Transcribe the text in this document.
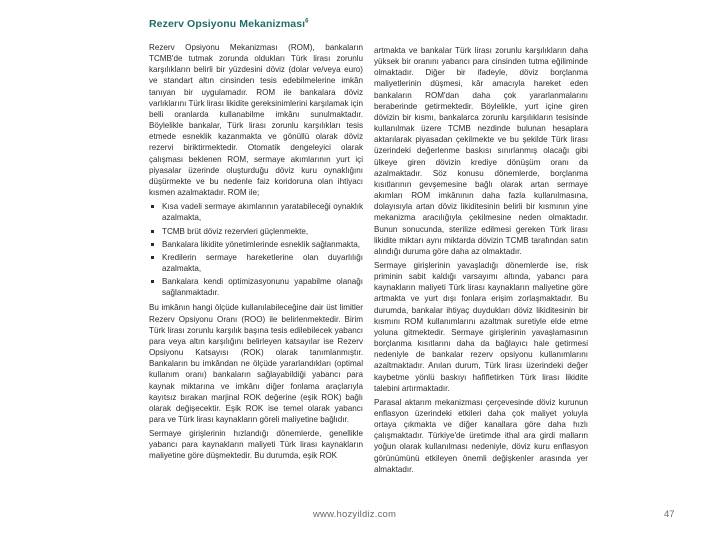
Rezerv Opsiyonu Mekanizması$^6$

Rezerv Opsiyonu Mekanizması (ROM), bankaların TCMB'de tutmak zorunda oldukları Türk lirası zorunlu karşılıkların belirli bir yüzdesini döviz (dolar ve/veya euro) ve standart altın cinsinden tesis edebilmelerine imkân tanıyan bir uygulamadır. ROM ile bankalara döviz varlıklarını Türk lirası likidite gereksinimlerini karşılamak için belli oranlarda kullanabilme imkânı sunulmaktadır. Böylelikle bankalar, Türk lirası zorunlu karşılıkları tesis etmede esneklik kazanmakta ve gönüllü olarak döviz rezervi biriktirmektedir. Otomatik dengeleyici olarak çalışması beklenen ROM, sermaye akımlarının yurt içi piyasalar üzerinde oluşturduğu döviz kuru oynaklığını düşürmekte ve bu nedenle faiz koridoruna olan ihtiyacı kısmen azalmaktadır. ROM ile;

Kısa vadeli sermaye akımlarının yaratabileceği oynaklık azalmakta,
TCMB brüt döviz rezervleri güçlenmekte,
Bankalara likidite yönetimlerinde esneklik sağlanmakta,
Kredilerin sermaye hareketlerine olan duyarlılığı azalmakta,
Bankalara kendi optimizasyonunu yapabilme olanağı sağlanmaktadır.

Bu imkânın hangi ölçüde kullanılabileceğine dair üst limitler Rezerv Opsiyonu Oranı (ROO) ile belirlenmektedir. Birim Türk lirası zorunlu karşılık başına tesis edilebilecek yabancı para veya altın karşılığını belirleyen katsayılar ise Rezerv Opsiyonu Katsayısı (ROK) olarak tanımlanmıştır. Bankaların bu imkândan ne ölçüde yararlandıkları (optimal kullanım oranı) bankaların sağlayabildiği yabancı para kaynak miktarına ve imkânı diğer fonlama araçlarıyla kayıtsız bırakan marjinal ROK değerine (eşik ROK) bağlı olarak değişecektir. Eşik ROK ise temel olarak yabancı para ve Türk lirası kaynakların göreli maliyetine bağlıdır.

Sermaye girişlerinin hızlandığı dönemlerde, genellikle yabancı para kaynakların maliyeti Türk lirası kaynakların maliyetine göre düşmektedir. Bu durumda, eşik ROK

artmakta ve bankalar Türk lirası zorunlu karşılıkların daha yüksek bir oranını yabancı para cinsinden tutma eğiliminde olmaktadır. Diğer bir ifadeyle, döviz borçlanma maliyetlerinin düşmesi, kâr amacıyla hareket eden bankaların ROM'dan daha çok yararlanmalarını beraberinde getirmektedir. Böylelikle, yurt içine giren dövizin bir kısmı, bankalarca zorunlu karşılıkların tesisinde kullanılmak üzere TCMB nezdinde bulunan hesaplara aktarılarak piyasadan çekilmekte ve bu şekilde Türk lirası üzerindeki değerlenme baskısı sınırlanmış olacağı gibi ülkeye giren dövizin krediye dönüşüm oranı da azalmaktadır. Söz konusu dönemlerde, borçlanma kısıtlarının gevşemesine bağlı olarak artan sermaye akımları ROM imkânının daha fazla kullanılmasına, dolayısıyla artan döviz likiditesinin belirli bir kısmının yine mekanizma aracılığıyla çekilmesine neden olmaktadır. Bunun sonucunda, sterilize edilmesi gereken Türk lirası likidite miktarı aynı miktarda dövizin TCMB tarafından satın alındığı duruma göre daha az olmaktadır.

Sermaye girişlerinin yavaşladığı dönemlerde ise, risk priminin sabit kaldığı varsayımı altında, yabancı para kaynakların maliyeti Türk lirası kaynakların maliyetine göre artmakta ve yurt dışı fonlara erişim zorlaşmaktadır. Bu durumda, bankalar ihtiyaç duydukları döviz likiditesinin bir kısmını ROM kullanımlarını azaltmak suretiyle elde etme yoluna gitmektedir. Sermaye girişlerinin yavaşlamasının borçlanma kısıtlarını daha da bağlayıcı hale getirmesi nedeniyle de bankalar rezerv opsiyonu kullanımlarını azaltmaktadır. Anılan durum, Türk lirası üzerindeki değer kaybetme yönlü baskıyı hafifletirken Türk lirası likidite talebini artırmaktadır.

Parasal aktarım mekanizması çerçevesinde döviz kurunun enflasyon üzerindeki etkileri daha çok maliyet yoluyla ortaya çıkmakta ve diğer kanallara göre daha hızlı çalışmaktadır. Türkiye'de üretimde ithal ara girdi malların yoğun olarak kullanılması nedeniyle, döviz kuru enflasyon görünümünü etkileyen önemli değişkenler arasında yer almaktadır.

www.hozyildiz.com	47
